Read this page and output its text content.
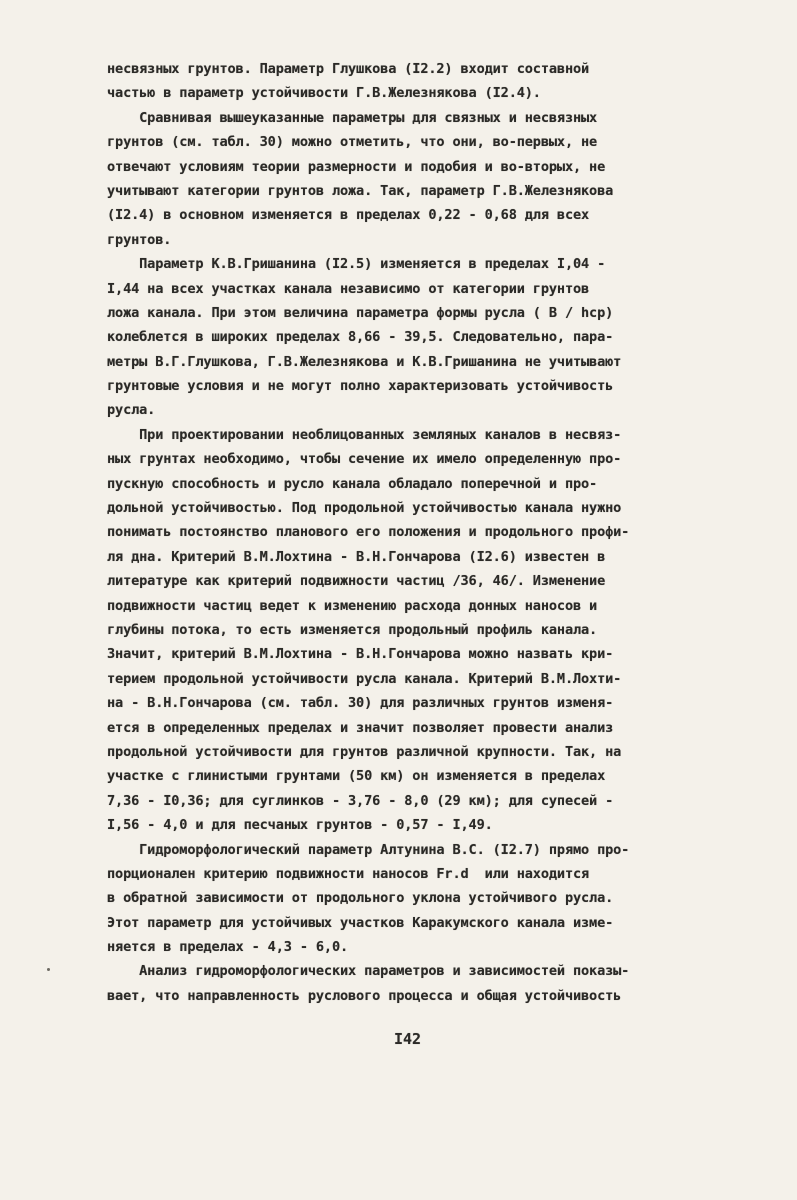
несвязных грунтов. Параметр Глушкова (I2.2) входит составной
частью в параметр устойчивости Г.В.Железнякова (I2.4).
Сравнивая вышеуказанные параметры для связных и несвязных
грунтов (см. табл. 30) можно отметить, что они, во-первых, не
отвечают условиям теории размерности и подобия и во-вторых, не
учитывают категории грунтов ложа. Так, параметр Г.В.Железнякова
(I2.4) в основном изменяется в пределах 0,22 - 0,68 для всех
грунтов.
Параметр К.В.Гришанина (I2.5) изменяется в пределах I,04 -
I,44 на всех участках канала независимо от категории грунтов
ложа канала. При этом величина параметра формы русла ( B / hср)
колеблется в широких пределах 8,66 - 39,5. Следовательно, пара-
метры В.Г.Глушкова, Г.В.Железнякова и К.В.Гришанина не учитывают
грунтовые условия и не могут полно характеризовать устойчивость
русла.
При проектировании необлицованных земляных каналов в несвяз-
ных грунтах необходимо, чтобы сечение их имело определенную про-
пускную способность и русло канала обладало поперечной и про-
дольной устойчивостью. Под продольной устойчивостью канала нужно
понимать постоянство планового его положения и продольного профи-
ля дна. Критерий В.М.Лохтина - В.Н.Гончарова (I2.6) известен в
литературе как критерий подвижности частиц /36, 46/. Изменение
подвижности частиц ведет к изменению расхода донных наносов и
глубины потока, то есть изменяется продольный профиль канала.
Значит, критерий В.М.Лохтина - В.Н.Гончарова можно назвать кри-
терием продольной устойчивости русла канала. Критерий В.М.Лохти-
на - В.Н.Гончарова (см. табл. 30) для различных грунтов изменя-
ется в определенных пределах и значит позволяет провести анализ
продольной устойчивости для грунтов различной крупности. Так, на
участке с глинистыми грунтами (50 км) он изменяется в пределах
7,36 - I0,36; для суглинков - 3,76 - 8,0 (29 км); для супесей -
I,56 - 4,0 и для песчаных грунтов - 0,57 - I,49.
Гидроморфологический параметр Алтунина В.С. (I2.7) прямо про-
порционален критерию подвижности наносов Fr.d  или находится
в обратной зависимости от продольного уклона устойчивого русла.
Этот параметр для устойчивых участков Каракумского канала изме-
няется в пределах - 4,3 - 6,0.
Анализ гидроморфологических параметров и зависимостей показы-
вает, что направленность руслового процесса и общая устойчивость
I42
